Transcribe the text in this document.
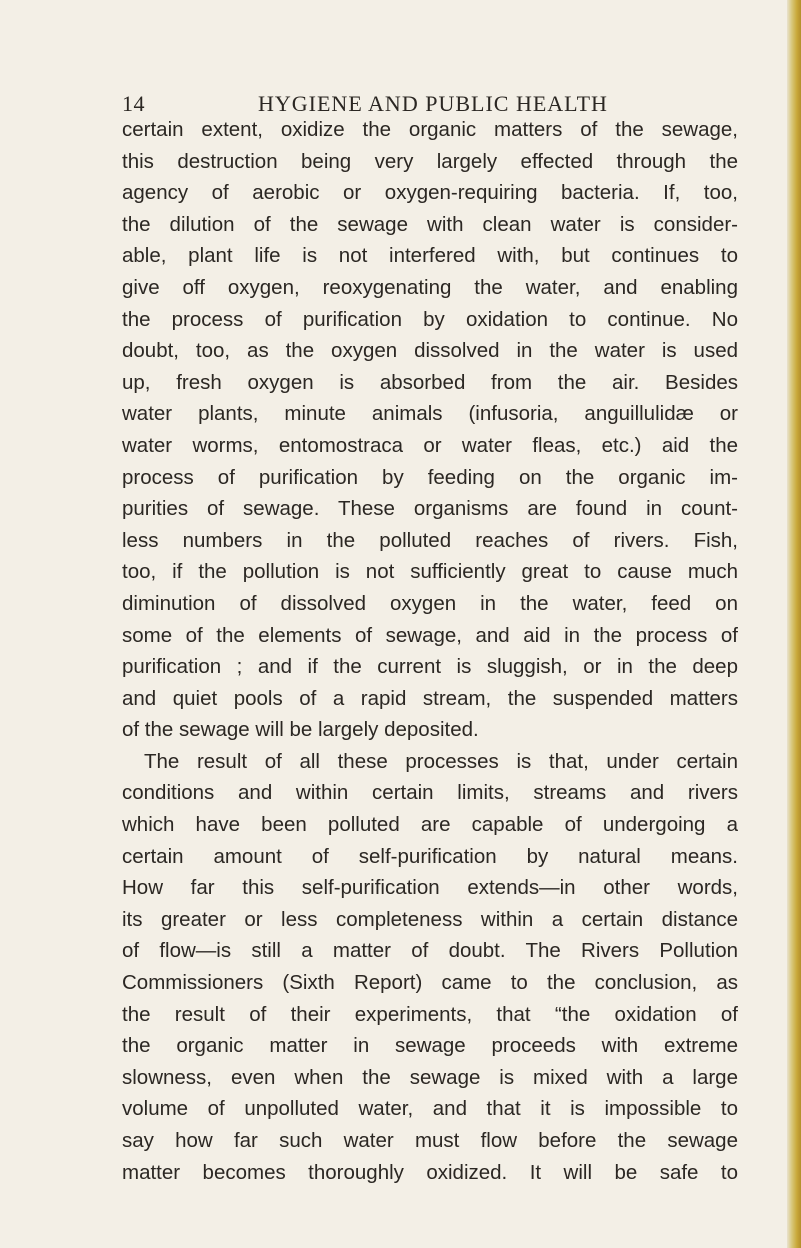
14	HYGIENE AND PUBLIC HEALTH
certain extent, oxidize the organic matters of the sewage,
this destruction being very largely effected through the
agency of aerobic or oxygen-requiring bacteria. If, too,
the dilution of the sewage with clean water is consider-
able, plant life is not interfered with, but continues to
give off oxygen, reoxygenating the water, and enabling
the process of purification by oxidation to continue. No
doubt, too, as the oxygen dissolved in the water is used
up, fresh oxygen is absorbed from the air. Besides
water plants, minute animals (infusoria, anguillulidæ or
water worms, entomostraca or water fleas, etc.) aid the
process of purification by feeding on the organic im-
purities of sewage. These organisms are found in count-
less numbers in the polluted reaches of rivers. Fish,
too, if the pollution is not sufficiently great to cause much
diminution of dissolved oxygen in the water, feed on
some of the elements of sewage, and aid in the process of
purification ; and if the current is sluggish, or in the deep
and quiet pools of a rapid stream, the suspended matters
of the sewage will be largely deposited.
The result of all these processes is that, under certain
conditions and within certain limits, streams and rivers
which have been polluted are capable of undergoing a
certain amount of self-purification by natural means.
How far this self-purification extends—in other words,
its greater or less completeness within a certain distance
of flow—is still a matter of doubt. The Rivers Pollution
Commissioners (Sixth Report) came to the conclusion, as
the result of their experiments, that “the oxidation of
the organic matter in sewage proceeds with extreme
slowness, even when the sewage is mixed with a large
volume of unpolluted water, and that it is impossible to
say how far such water must flow before the sewage
matter becomes thoroughly oxidized. It will be safe to
